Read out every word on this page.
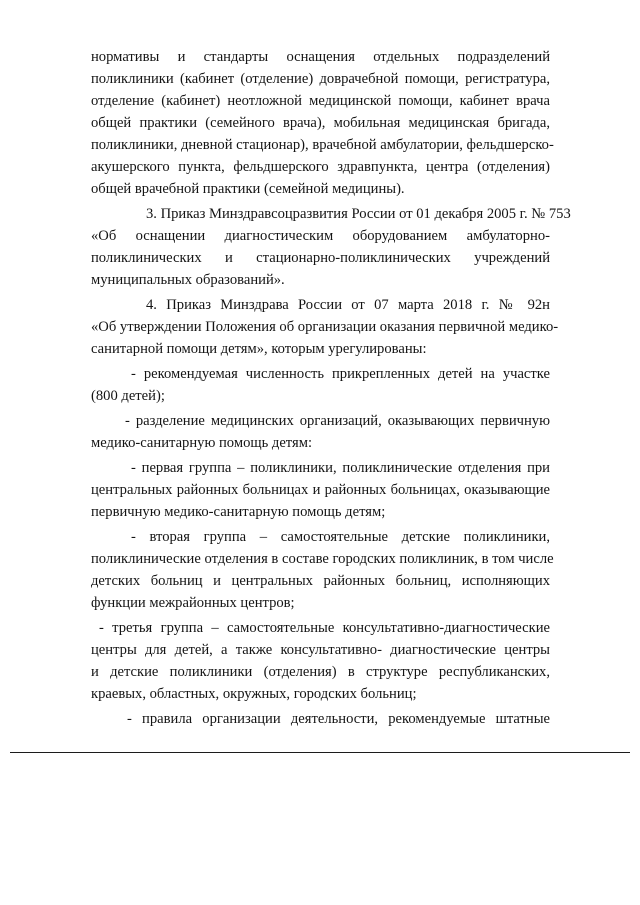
нормативы и стандарты оснащения отдельных подразделений
поликлиники (кабинет (отделение) доврачебной помощи, регистратура,
отделение (кабинет) неотложной медицинской помощи, кабинет врача
общей практики (семейного врача), мобильная медицинская бригада,
поликлиники, дневной стационар), врачебной амбулатории, фельдшерско-
акушерского пункта, фельдшерского здравпункта, центра (отделения)
общей врачебной практики (семейной медицины).
3. Приказ Минздравсоцразвития России от 01 декабря 2005 г. № 753
«Об оснащении диагностическим оборудованием амбулаторно-
поликлинических и стационарно-поликлинических учреждений
муниципальных образований».
4. Приказ Минздрава России от 07 марта 2018 г. № 92н
«Об утверждении Положения об организации оказания первичной медико-
санитарной помощи детям», которым урегулированы:
- рекомендуемая численность прикрепленных детей на участке
(800 детей);
- разделение медицинских организаций, оказывающих первичную
медико-санитарную помощь детям:
- первая группа – поликлиники, поликлинические отделения при
центральных районных больницах и районных больницах, оказывающие
первичную медико-санитарную помощь детям;
- вторая группа – самостоятельные детские поликлиники,
поликлинические отделения в составе городских поликлиник, в том числе
детских больниц и центральных районных больниц, исполняющих
функции межрайонных центров;
- третья группа – самостоятельные консультативно-диагностические
центры для детей, а также консультативно- диагностические центры
и детские поликлиники (отделения) в структуре республиканских,
краевых, областных, окружных, городских больниц;
- правила организации деятельности, рекомендуемые штатные
